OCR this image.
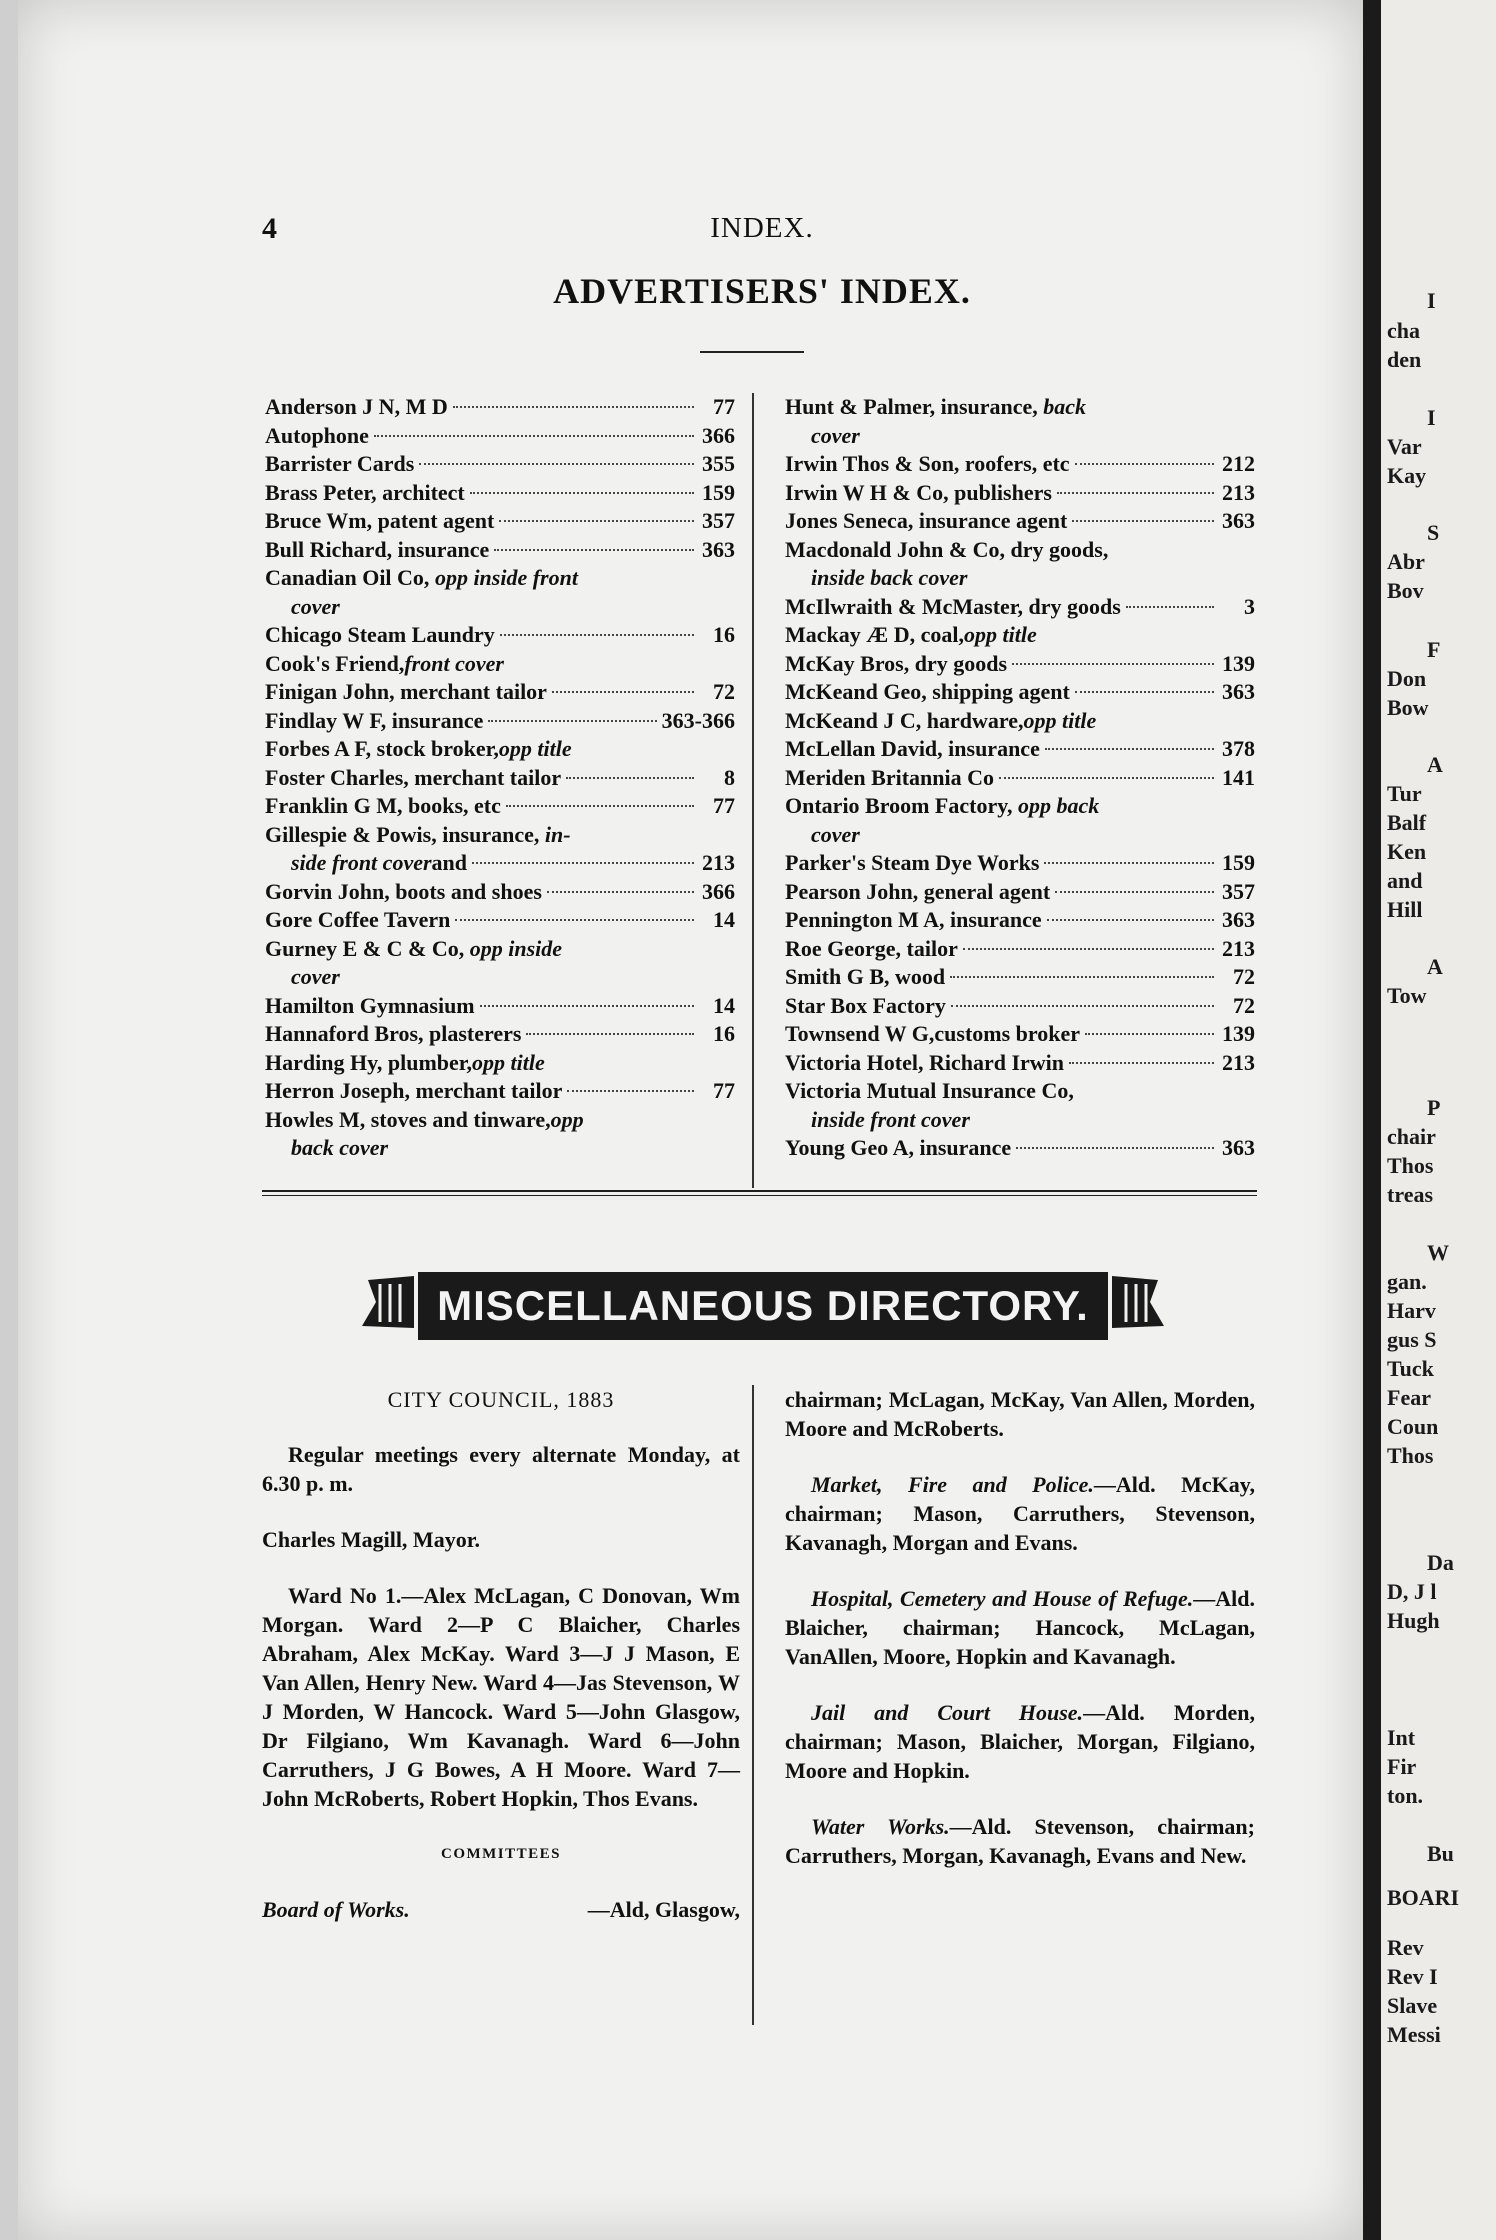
I
cha
den
I
Var
Kay
S
Abr
Bov
F
Don
Bow
A
Tur
Balf
Ken
and
Hill
A
Tow
P
chair
Thos
treas
W
gan.
Harv
gus S
Tuck
Fear
Coun
Thos
Da
D, J l
Hugh
Int
Fir
ton.
Bu
BOARI
Rev
Rev I
Slave
Messi
4	INDEX.
ADVERTISERS' INDEX.
Anderson J N, M D	77
Autophone	366
Barrister Cards	355
Brass Peter, architect	159
Bruce Wm, patent agent	357
Bull Richard, insurance	363
Canadian Oil Co, opp inside front
cover
Chicago Steam Laundry	16
Cook's Friend, front cover
Finigan John, merchant tailor	72
Findlay W F, insurance	363-366
Forbes A F, stock broker, opp title
Foster Charles, merchant tailor	8
Franklin G M, books, etc	77
Gillespie & Powis, insurance, in-
side front cover and	213
Gorvin John, boots and shoes	366
Gore Coffee Tavern	14
Gurney E & C & Co, opp inside
cover
Hamilton Gymnasium	14
Hannaford Bros, plasterers	16
Harding Hy, plumber, opp title
Herron Joseph, merchant tailor	77
Howles M, stoves and tinware,opp
back cover
Hunt & Palmer, insurance, back
cover
Irwin Thos & Son, roofers, etc	212
Irwin W H & Co, publishers	213
Jones Seneca, insurance agent	363
Macdonald John & Co, dry goods,
inside back cover
McIlwraith & McMaster, dry goods	3
Mackay Æ D, coal, opp title
McKay Bros, dry goods	139
McKeand Geo, shipping agent	363
McKeand J C, hardware, opp title
McLellan David, insurance	378
Meriden Britannia Co	141
Ontario Broom Factory, opp back
cover
Parker's Steam Dye Works	159
Pearson John, general agent	357
Pennington M A, insurance	363
Roe George, tailor	213
Smith G B, wood	72
Star Box Factory	72
Townsend W G,customs broker	139
Victoria Hotel, Richard Irwin	213
Victoria Mutual Insurance Co,
inside front cover
Young Geo A, insurance	363
MISCELLANEOUS DIRECTORY.
CITY COUNCIL, 1883

Regular meetings every alternate Monday, at 6.30 p. m.

Charles Magill, Mayor.

Ward No 1.—Alex McLagan, C Donovan, Wm Morgan. Ward 2—P C Blaicher, Charles Abraham, Alex McKay. Ward 3—J J Mason, E Van Allen, Henry New. Ward 4—Jas Stevenson, W J Morden, W Hancock. Ward 5—John Glasgow, Dr Filgiano, Wm Kavanagh. Ward 6—John Carruthers, J G Bowes, A H Moore. Ward 7—John McRoberts, Robert Hopkin, Thos Evans.

COMMITTEES
Board of Works.	—Ald, Glasgow,

chairman; McLagan, McKay, Van Allen, Morden, Moore and McRoberts.

Market, Fire and Police.—Ald. McKay, chairman; Mason, Carruthers, Stevenson, Kavanagh, Morgan and Evans.

Hospital, Cemetery and House of Refuge.—Ald. Blaicher, chairman; Hancock, McLagan, VanAllen, Moore, Hopkin and Kavanagh.

Jail and Court House.—Ald. Morden, chairman; Mason, Blaicher, Morgan, Filgiano, Moore and Hopkin.

Water Works.—Ald. Stevenson, chairman; Carruthers, Morgan, Kavanagh, Evans and New.
